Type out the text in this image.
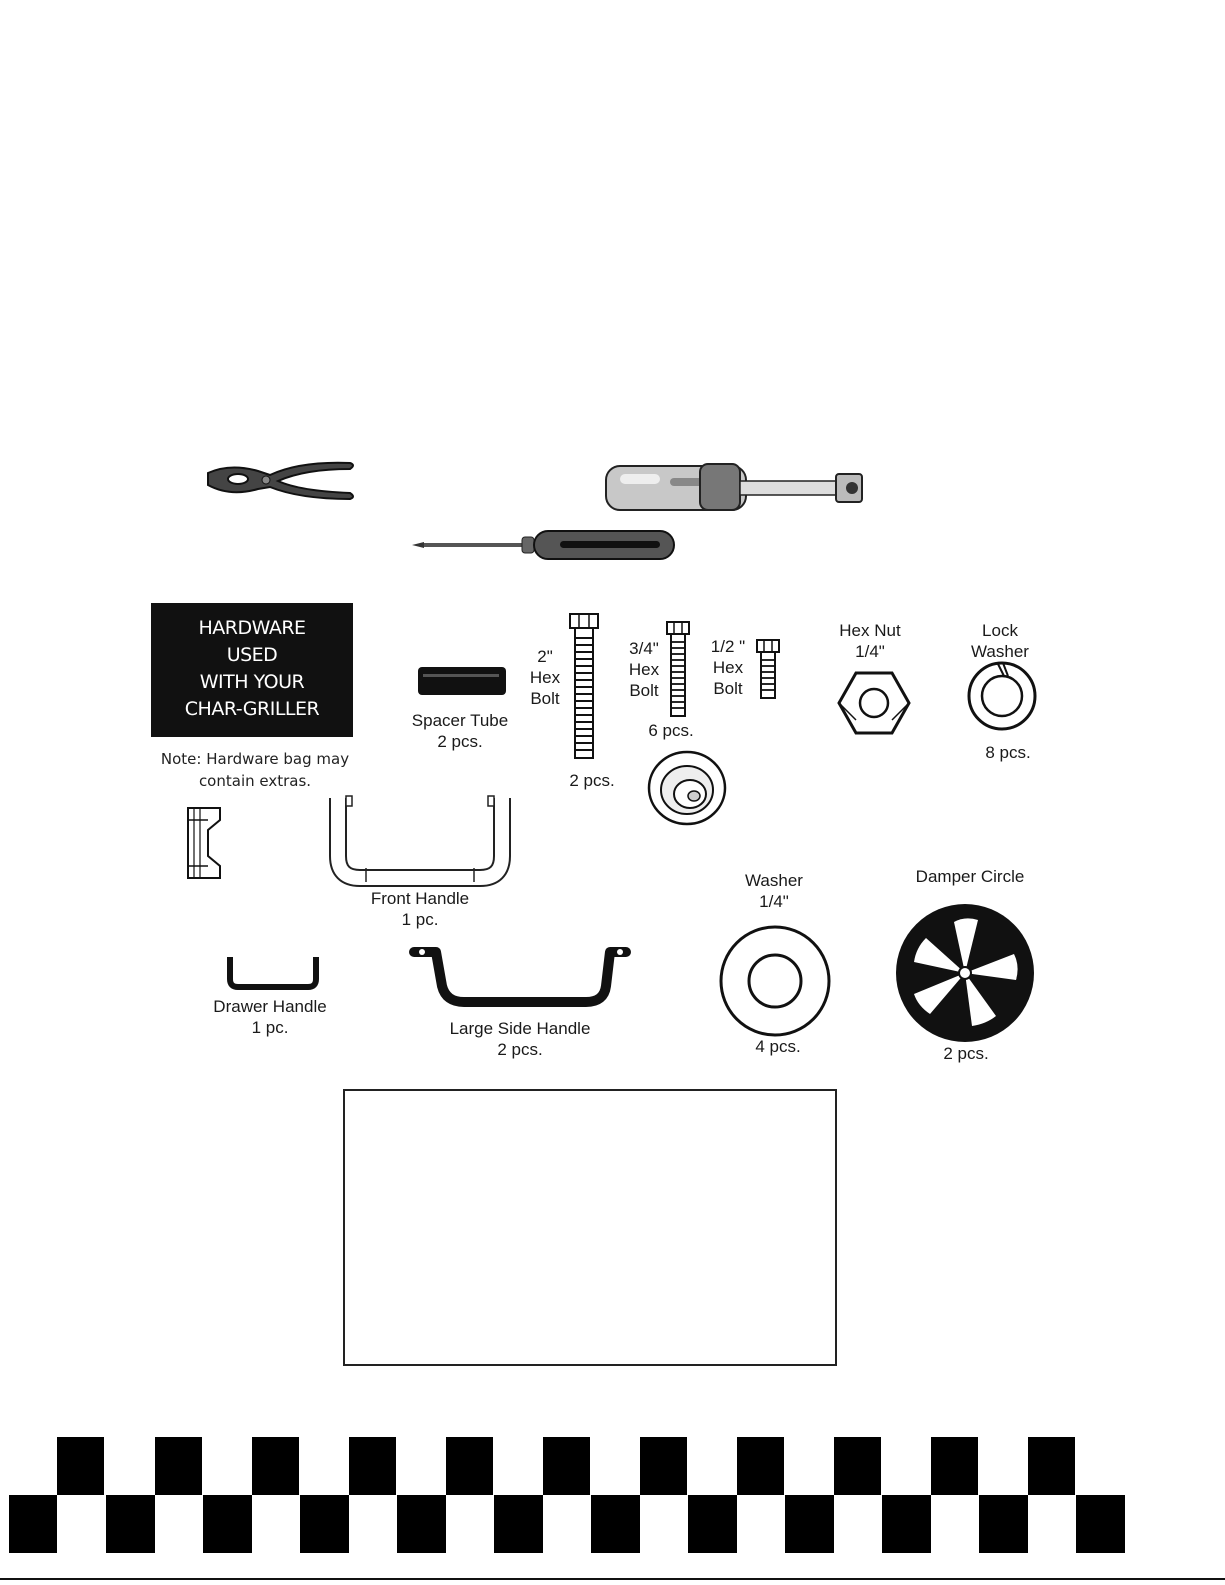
HARDWARE
USED
WITH YOUR
CHAR-GRILLER
Note: Hardware bag may
contain extras.
Spacer Tube
2 pcs.
2"
Hex
Bolt
2 pcs.
3/4"
Hex
Bolt
6 pcs.
1/2 "
Hex
Bolt
Hex Nut
1/4"
Lock
Washer
8 pcs.
Front Handle
1 pc.
Washer
1/4"
4 pcs.
Damper Circle
2 pcs.
Drawer Handle
1 pc.	Large Side Handle
2 pcs.
